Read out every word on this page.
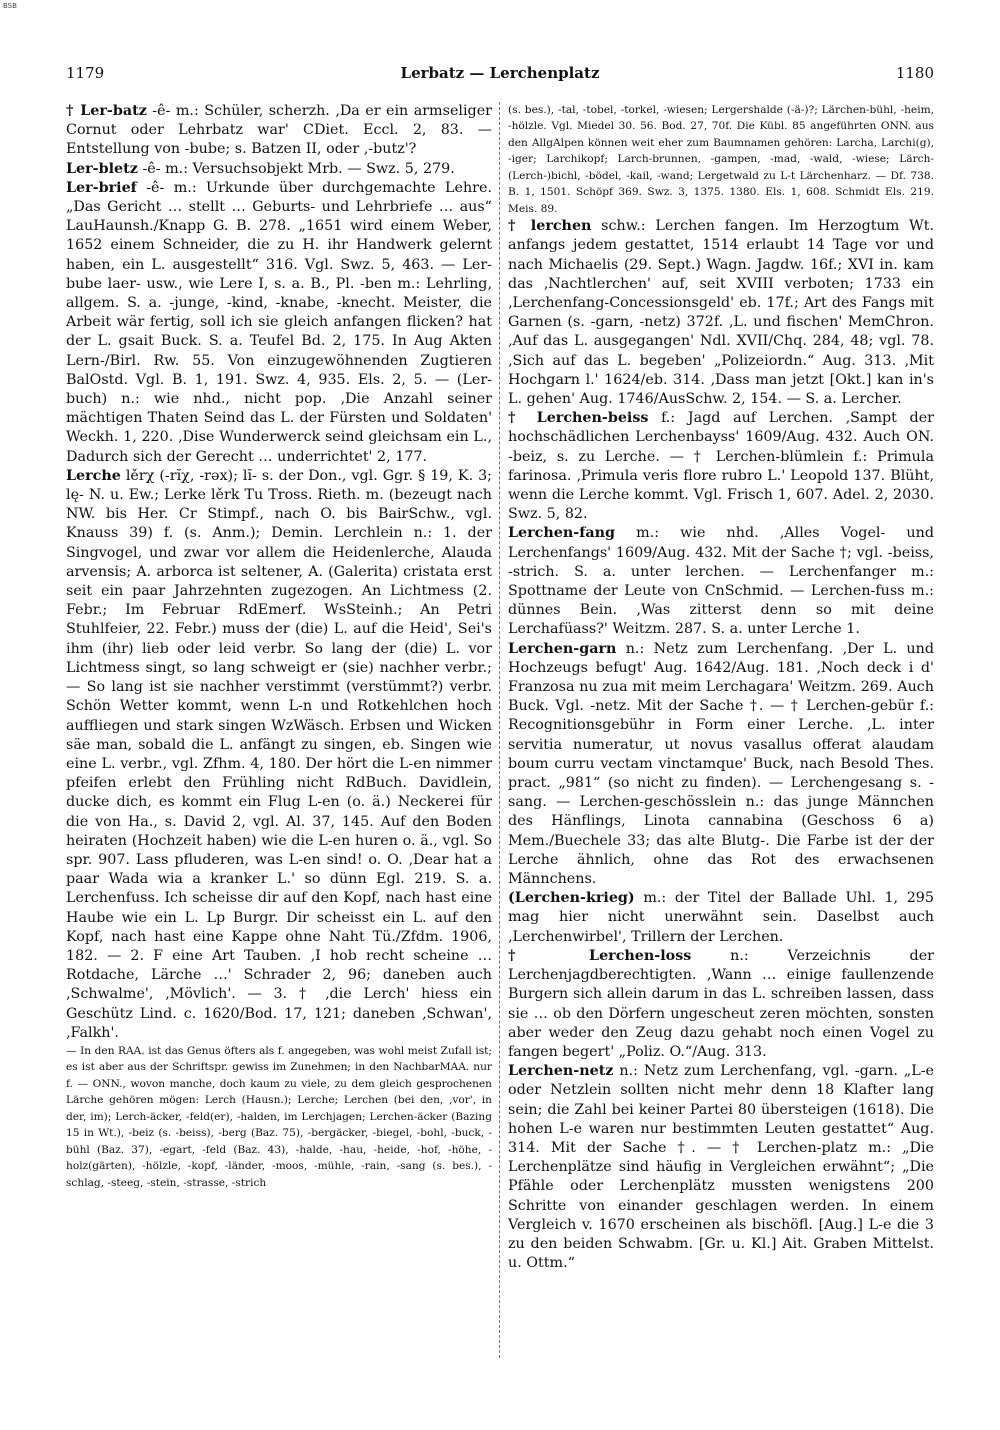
BSB
1179	Lerbatz — Lerchenplatz	1180

† Ler-batz -ê- m.: Schüler, scherzh. ‚Da er ein armseliger Cornut oder Lehrbatz war' CDiet. Eccl. 2, 83. — Entstellung von -bube; s. Batzen II, oder ‚-butz'?

Ler-bletz -ê- m.: Versuchsobjekt Mrb. — Swz. 5, 279.

Ler-brief -ê- m.: Urkunde über durchgemachte Lehre. „Das Gericht … stellt … Geburts- und Lehrbriefe … aus“ LauHaunsh./Knapp G. B. 278. „1651 wird einem Weber, 1652 einem Schneider, die zu H. ihr Handwerk gelernt haben, ein L. ausgestellt“ 316. Vgl. Swz. 5, 463. — Ler-bube laer- usw., wie Lere I, s. a. B., Pl. -ben m.: Lehrling, allgem. S. a. -junge, -kind, -knabe, -knecht. Meister, die Arbeit wär fertig, soll ich sie gleich anfangen flicken? hat der L. gsait Buck. S. a. Teufel Bd. 2, 175. In Aug Akten Lern-/Birl. Rw. 55. Von einzugewöhnenden Zugtieren BalOstd. Vgl. B. 1, 191. Swz. 4, 935. Els. 2, 5. — (Ler-buch) n.: wie nhd., nicht pop. ‚Die Anzahl seiner mächtigen Thaten Seind das L. der Fürsten und Soldaten' Weckh. 1, 220. ‚Dise Wunderwerck seind gleichsam ein L., Dadurch sich der Gerecht … underrichtet' 2, 177.

Lerche lěrχ (-rĭχ, -rəx); lĭ- s. der Don., vgl. Ggr. § 19, K. 3; lę- N. u. Ew.; Lerke lěrk Tu Tross. Rieth. m. (bezeugt nach NW. bis Her. Cr Stimpf., nach O. bis BairSchw., vgl. Knauss 39) f. (s. Anm.); Demin. Lerchlein n.: 1. der Singvogel, und zwar vor allem die Heidenlerche, Alauda arvensis; A. arborca ist seltener, A. (Galerita) cristata erst seit ein paar Jahrzehnten zugezogen. An Lichtmess (2. Febr.; Im Februar RdEmerf. WsSteinh.; An Petri Stuhlfeier, 22. Febr.) muss der (die) L. auf die Heid', Sei's ihm (ihr) lieb oder leid verbr. So lang der (die) L. vor Lichtmess singt, so lang schweigt er (sie) nachher verbr.; — So lang ist sie nachher verstimmt (verstümmt?) verbr. Schön Wetter kommt, wenn L-n und Rotkehlchen hoch auffliegen und stark singen WzWäsch. Erbsen und Wicken säe man, sobald die L. anfängt zu singen, eb. Singen wie eine L. verbr., vgl. Zfhm. 4, 180. Der hört die L-en nimmer pfeifen erlebt den Frühling nicht RdBuch. Davidlein, ducke dich, es kommt ein Flug L-en (o. ä.) Neckerei für die von Ha., s. David 2, vgl. Al. 37, 145. Auf den Boden heiraten (Hochzeit haben) wie die L-en huren o. ä., vgl. So spr. 907. Lass pfluderen, was L-en sind! o. O. ‚Dear hat a paar Wada wia a kranker L.' so dünn Egl. 219. S. a. Lerchenfuss. Ich scheisse dir auf den Kopf, nach hast eine Haube wie ein L. Lp Burgr. Dir scheisst ein L. auf den Kopf, nach hast eine Kappe ohne Naht Tü./Zfdm. 1906, 182. — 2. F eine Art Tauben. ‚I hob recht scheine … Rotdache, Lärche …' Schrader 2, 96; daneben auch ‚Schwalme', ‚Mövlich'. — 3. † ‚die Lerch' hiess ein Geschütz Lind. c. 1620/Bod. 17, 121; daneben ‚Schwan', ‚Falkh'.

— In den RAA. ist das Genus öfters als f. angegeben, was wohl meist Zufall ist; es ist aber aus der Schriftspr. gewiss im Zunehmen; in den NachbarMAA. nur f. — ONN., wovon manche, doch kaum zu viele, zu dem gleich gesprochenen Lärche gehören mögen: Lerch (Hausn.); Lerche; Lerchen (bei den, ‚vor', in der, im); Lerch-äcker, -feld(er), -halden, im Lerchjagen; Lerchen-äcker (Bazing 15 in Wt.), -beiz (s. -beiss), -berg (Baz. 75), -bergäcker, -biegel, -bohl, -buck, -bühl (Baz. 37), -egart, -feld (Baz. 43), -halde, -hau, -heide, -hof, -höhe, -holz(gärten), -hölzle, -kopf, -länder, -moos, -mühle, -rain, -sang (s. bes.), -schlag, -steeg, -stein, -strasse, -strich

(s. bes.), -tal, -tobel, -torkel, -wiesen; Lergershalde (-ä-)?; Lärchen-bühl, -heim, -hölzle. Vgl. Miedel 30. 56. Bod. 27, 70f. Die Kübl. 85 angeführten ONN. aus den AllgAlpen können weit eher zum Baumnamen gehören: Larcha, Larchi(g), -iger; Larchikopf; Larch-brunnen, -gampen, -mad, -wald, -wiese; Lärch-(Lerch-)bichl, -bödel, -kail, -wand; Lergetwald zu L-t Lärchenharz. — Df. 738. B. 1, 1501. Schöpf 369. Swz. 3, 1375. 1380. Els. 1, 608. Schmidt Els. 219. Meis. 89.

† lerchen schw.: Lerchen fangen. Im Herzogtum Wt. anfangs jedem gestattet, 1514 erlaubt 14 Tage vor und nach Michaelis (29. Sept.) Wagn. Jagdw. 16f.; XVI in. kam das ‚Nachtlerchen' auf, seit XVIII verboten; 1733 ein ‚Lerchenfang-Concessionsgeld' eb. 17f.; Art des Fangs mit Garnen (s. -garn, -netz) 372f. ‚L. und fischen' MemChron. ‚Auf das L. ausgegangen' Ndl. XVII/Chq. 284, 48; vgl. 78. ‚Sich auf das L. begeben' „Polizeiordn.“ Aug. 313. ‚Mit Hochgarn l.' 1624/eb. 314. ‚Dass man jetzt [Okt.] kan in's L. gehen' Aug. 1746/AusSchw. 2, 154. — S. a. Lercher.

† Lerchen-beiss f.: Jagd auf Lerchen. ‚Sampt der hochschädlichen Lerchenbayss' 1609/Aug. 432. Auch ON. -beiz, s. zu Lerche. — † Lerchen-blümlein f.: Primula farinosa. ‚Primula veris flore rubro L.' Leopold 137. Blüht, wenn die Lerche kommt. Vgl. Frisch 1, 607. Adel. 2, 2030. Swz. 5, 82.

Lerchen-fang m.: wie nhd. ‚Alles Vogel- und Lerchenfangs' 1609/Aug. 432. Mit der Sache †; vgl. -beiss, -strich. S. a. unter lerchen. — Lerchenfanger m.: Spottname der Leute von CnSchmid. — Lerchen-fuss m.: dünnes Bein. ‚Was zitterst denn so mit deine Lerchafüass?' Weitzm. 287. S. a. unter Lerche 1.

Lerchen-garn n.: Netz zum Lerchenfang. ‚Der L. und Hochzeugs befugt' Aug. 1642/Aug. 181. ‚Noch deck i d' Franzosa nu zua mit meim Lerchagara' Weitzm. 269. Auch Buck. Vgl. -netz. Mit der Sache †. — † Lerchen-gebür f.: Recognitionsgebühr in Form einer Lerche. ‚L. inter servitia numeratur, ut novus vasallus offerat alaudam boum curru vectam vinctamque' Buck, nach Besold Thes. pract. „981“ (so nicht zu finden). — Lerchengesang s. -sang. — Lerchen-geschösslein n.: das junge Männchen des Hänflings, Linota cannabina (Geschoss 6 a) Mem./Buechele 33; das alte Blutg-. Die Farbe ist der der Lerche ähnlich, ohne das Rot des erwachsenen Männchens.

(Lerchen-krieg) m.: der Titel der Ballade Uhl. 1, 295 mag hier nicht unerwähnt sein. Daselbst auch ‚Lerchenwirbel', Trillern der Lerchen.

† Lerchen-loss n.: Verzeichnis der Lerchenjagdberechtigten. ‚Wann … einige faullenzende Burgern sich allein darum in das L. schreiben lassen, dass sie … ob den Dörfern ungescheut zeren möchten, sonsten aber weder den Zeug dazu gehabt noch einen Vogel zu fangen begert' „Poliz. O.“/Aug. 313.

Lerchen-netz n.: Netz zum Lerchenfang, vgl. -garn. „L-e oder Netzlein sollten nicht mehr denn 18 Klafter lang sein; die Zahl bei keiner Partei 80 übersteigen (1618). Die hohen L-e waren nur bestimmten Leuten gestattet“ Aug. 314. Mit der Sache †. — † Lerchen-platz m.: „Die Lerchenplätze sind häufig in Vergleichen erwähnt“; „Die Pfähle oder Lerchenplätz mussten wenigstens 200 Schritte von einander geschlagen werden. In einem Vergleich v. 1670 erscheinen als bischöfl. [Aug.] L-e die 3 zu den beiden Schwabm. [Gr. u. Kl.] Ait. Graben Mittelst. u. Ottm.“
